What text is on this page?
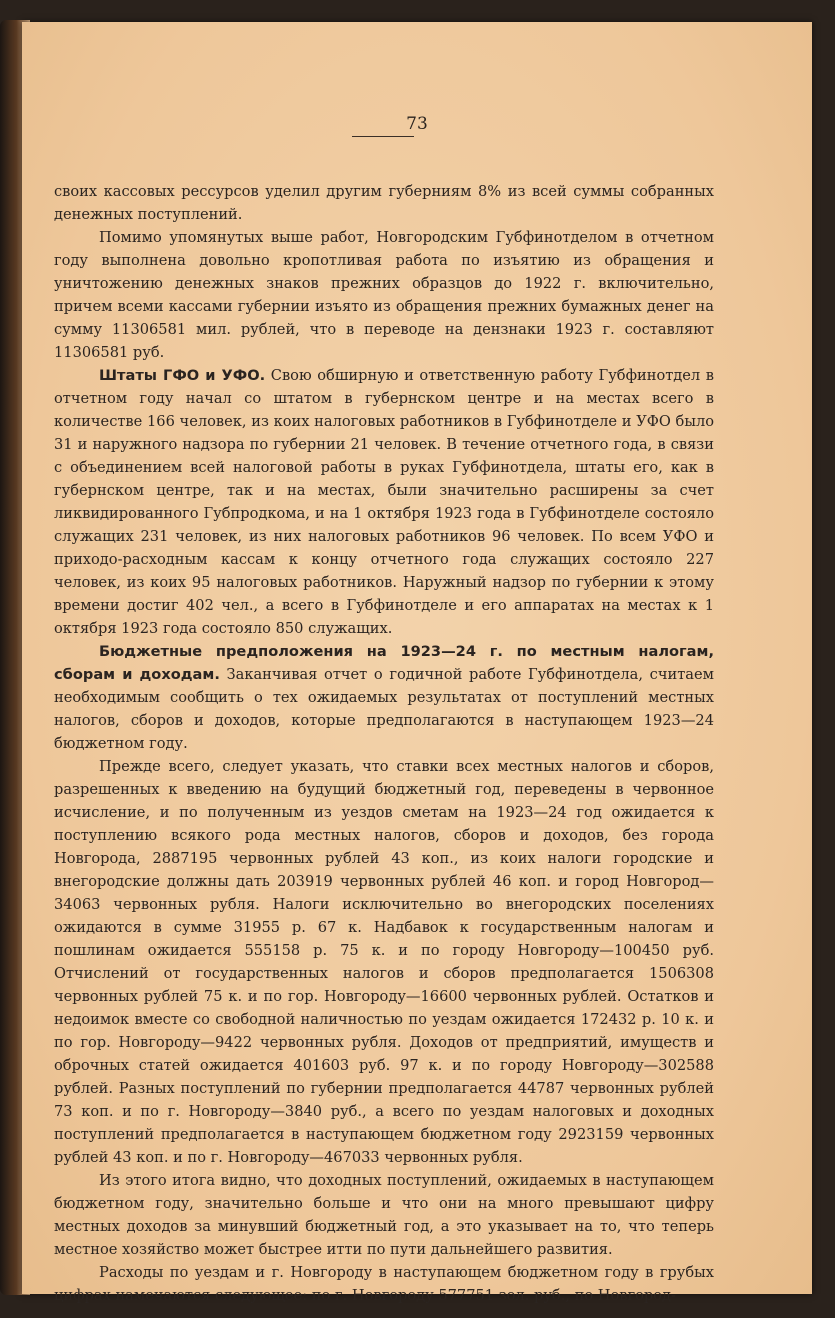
73

своих кассовых рессурсов уделил другим губерниям 8% из всей суммы собранных денежных поступлений.

Помимо упомянутых выше работ, Новгородским Губфинотделом в отчетном году выполнена довольно кропотливая работа по изъятию из обращения и уничтожению денежных знаков прежних образцов до 1922 г. включительно, причем всеми кассами губернии изъято из обращения прежних бумажных денег на сумму 11306581 мил. рублей, что в переводе на дензнаки 1923 г. составляют 11306581 руб.

Штаты ГФО и УФО. Свою обширную и ответственную работу Губфинотдел в отчетном году начал со штатом в губернском центре и на местах всего в количестве 166 человек, из коих налоговых работников в Губфинотделе и УФО было 31 и наружного надзора по губернии 21 человек. В течение отчетного года, в связи с объединением всей налоговой работы в руках Губфинотдела, штаты его, как в губернском центре, так и на местах, были значительно расширены за счет ликвидированного Губпродкома, и на 1 октября 1923 года в Губфинотделе состояло служащих 231 человек, из них налоговых работников 96 человек. По всем УФО и приходо-расходным кассам к концу отчетного года служащих состояло 227 человек, из коих 95 налоговых работников. Наружный надзор по губернии к этому времени достиг 402 чел., а всего в Губфинотделе и его аппаратах на местах к 1 октября 1923 года состояло 850 служащих.

Бюджетные предположения на 1923—24 г. по местным налогам, сборам и доходам. Заканчивая отчет о годичной работе Губфинотдела, считаем необходимым сообщить о тех ожидаемых результатах от поступлений местных налогов, сборов и доходов, которые предполагаются в наступающем 1923—24 бюджетном году.

Прежде всего, следует указать, что ставки всех местных налогов и сборов, разрешенных к введению на будущий бюджетный год, переведены в червонное исчисление, и по полученным из уездов сметам на 1923—24 год ожидается к поступлению всякого рода местных налогов, сборов и доходов, без города Новгорода, 2887195 червонных рублей 43 коп., из коих налоги городские и внегородские должны дать 203919 червонных рублей 46 коп. и город Новгород—34063 червонных рубля. Налоги исключительно во внегородских поселениях ожидаются в сумме 31955 р. 67 к. Надбавок к государственным налогам и пошлинам ожидается 555158 р. 75 к. и по городу Новгороду—100450 руб. Отчислений от государственных налогов и сборов предполагается 1506308 червонных рублей 75 к. и по гор. Новгороду—16600 червонных рублей. Остатков и недоимок вместе со свободной наличностью по уездам ожидается 172432 р. 10 к. и по гор. Новгороду—9422 червонных рубля. Доходов от предприятий, имуществ и оброчных статей ожидается 401603 руб. 97 к. и по городу Новгороду—302588 рублей. Разных поступлений по губернии предполагается 44787 червонных рублей 73 коп. и по г. Новгороду—3840 руб., а всего по уездам налоговых и доходных поступлений предполагается в наступающем бюджетном году 2923159 червонных рублей 43 коп. и по г. Новгороду—467033 червонных рубля.

Из этого итога видно, что доходных поступлений, ожидаемых в наступающем бюджетном году, значительно больше и что они на много превышают цифру местных доходов за минувший бюджетный год, а это указывает на то, что теперь местное хозяйство может быстрее итти по пути дальнейшего развития.

Расходы по уездам и г. Новгороду в наступающем бюджетном году в грубых цифрах намечаются следующее: по г. Новгороду 577751 зол. руб., по Новгород-
